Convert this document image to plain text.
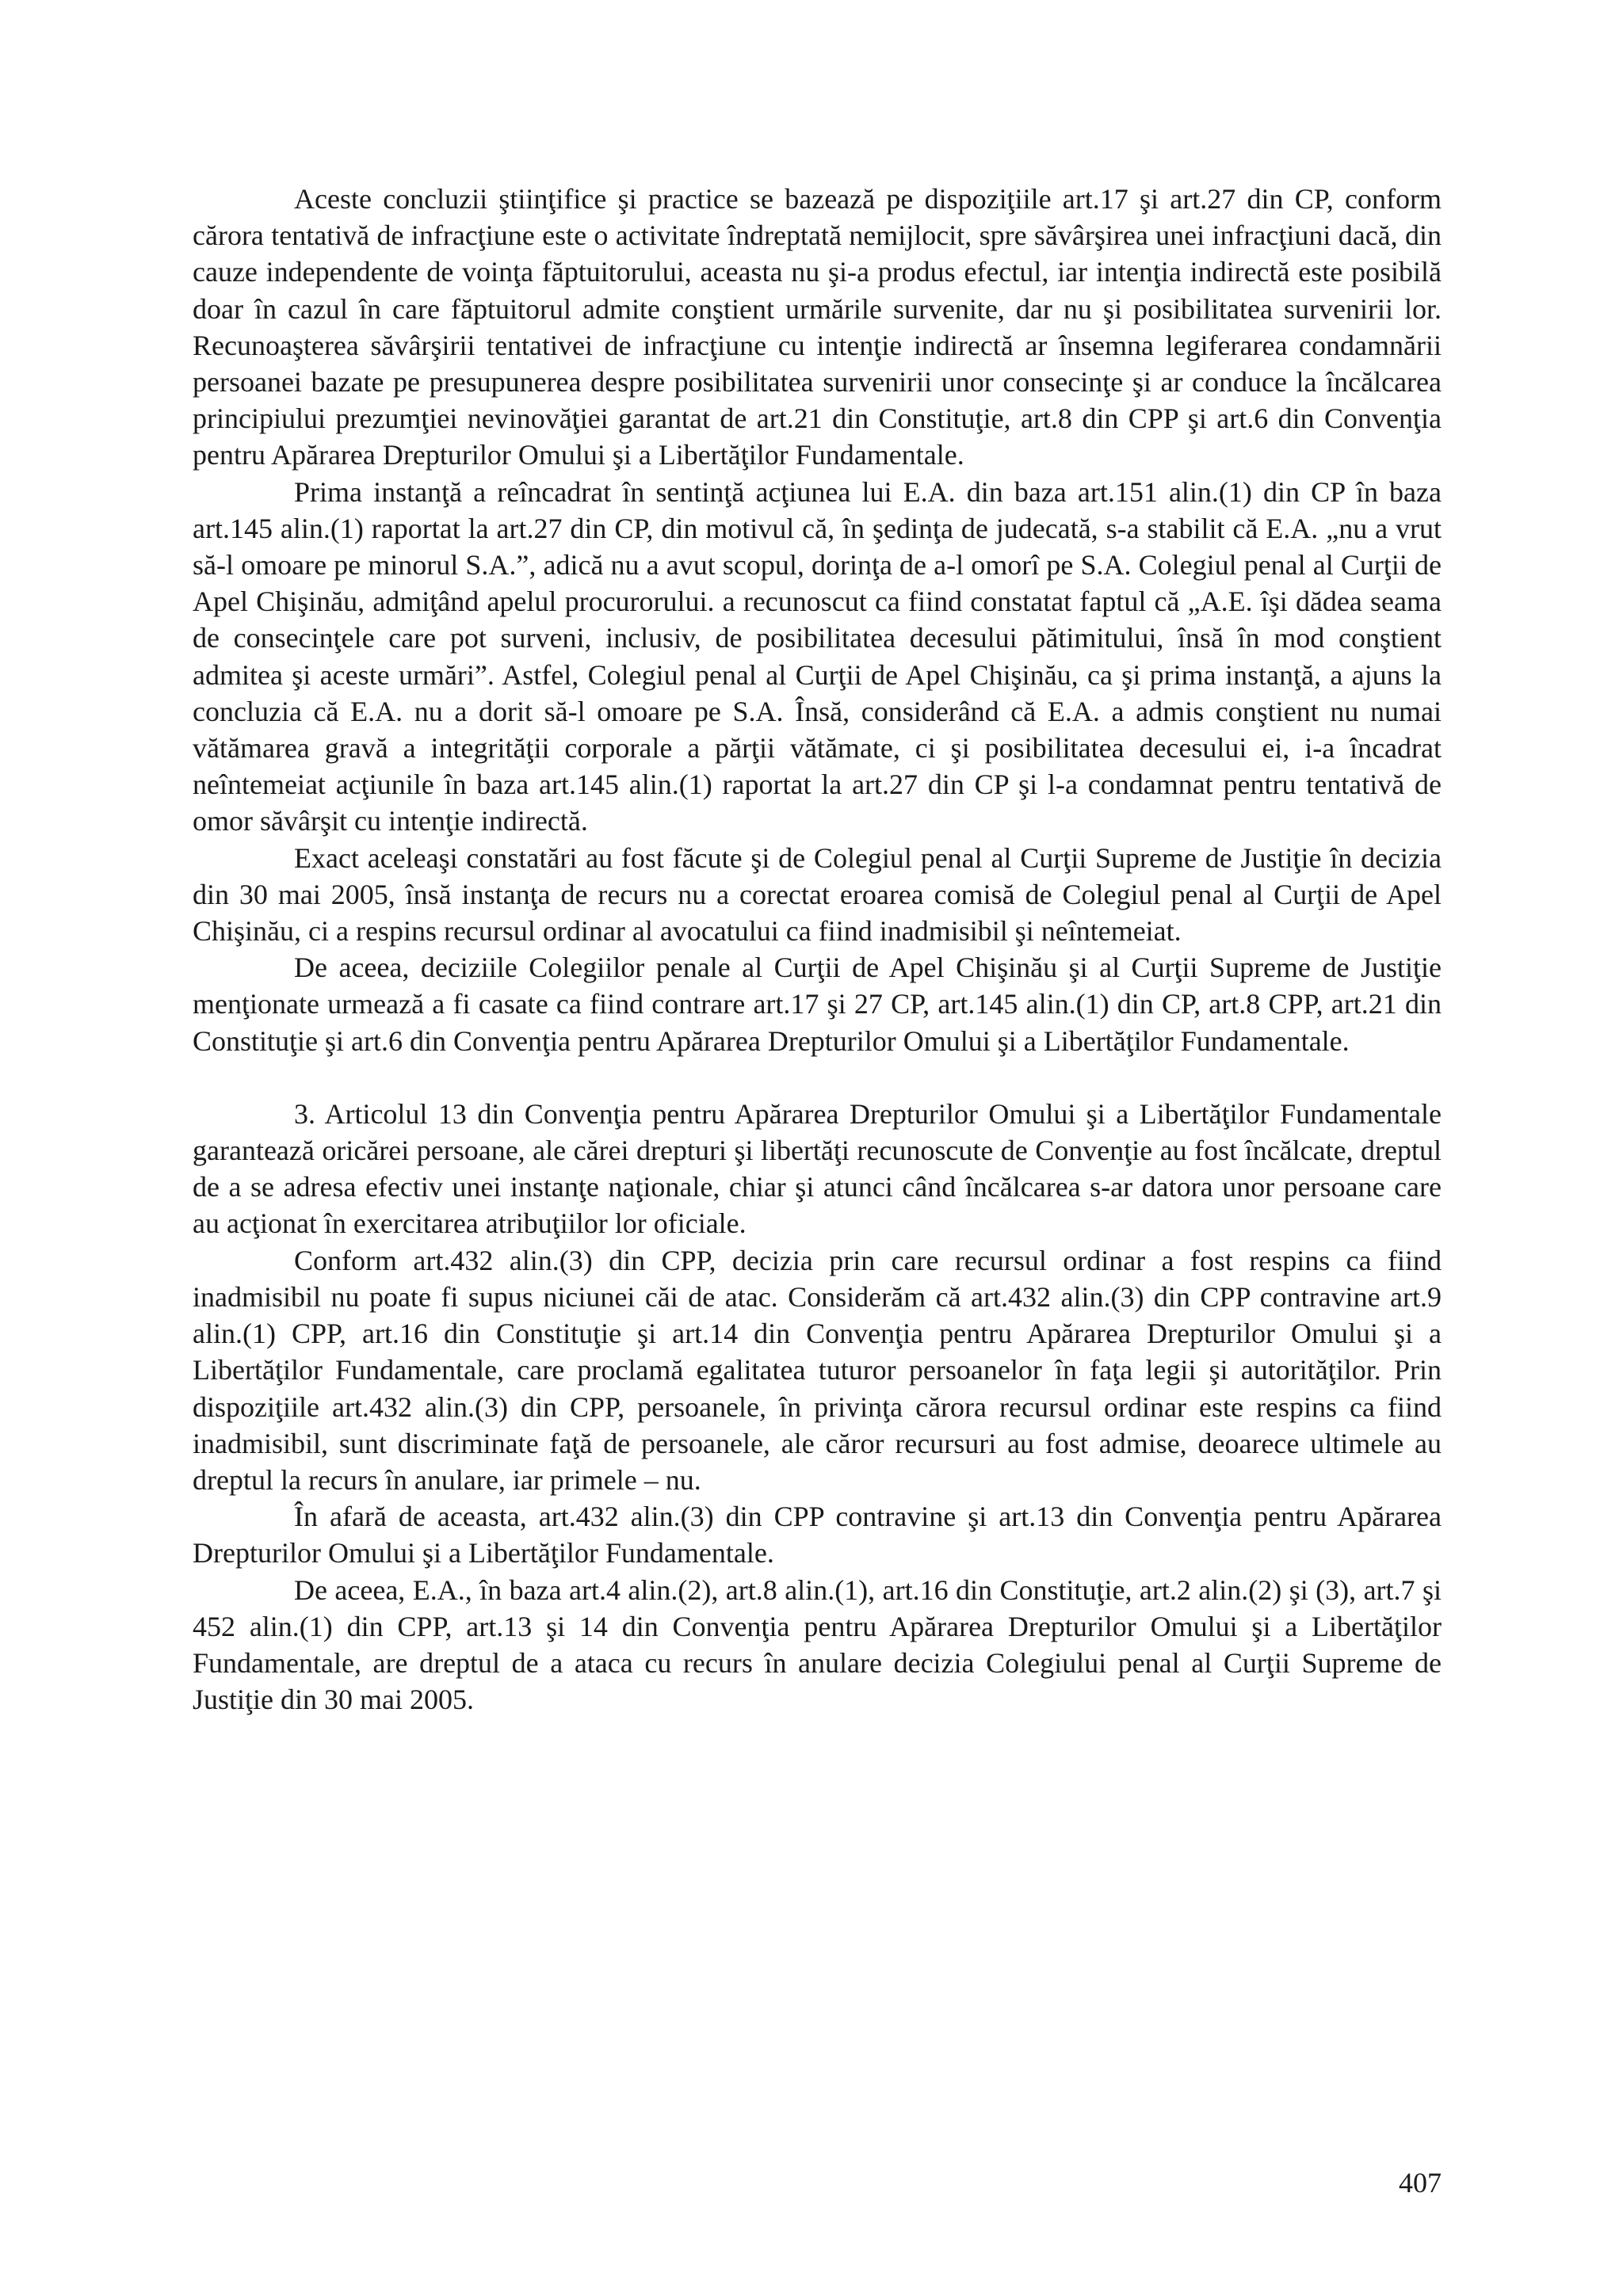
Aceste concluzii ştiinţifice şi practice se bazează pe dispoziţiile art.17 şi art.27 din CP, conform cărora tentativă de infracţiune este o activitate îndreptată nemijlocit, spre săvârşirea unei infracţiuni dacă, din cauze independente de voinţa făptuitorului, aceasta nu şi-a produs efectul, iar intenţia indirectă este posibilă doar în cazul în care făptuitorul admite conştient urmările survenite, dar nu şi posibilitatea survenirii lor. Recunoaşterea săvârşirii tentativei de infracţiune cu intenţie indirectă ar însemna legiferarea condamnării persoanei bazate pe presupunerea despre posibilitatea survenirii unor consecinţe şi ar conduce la încălcarea principiului prezumţiei nevinovăţiei garantat de art.21 din Constituţie, art.8 din CPP şi art.6 din Convenţia pentru Apărarea Drepturilor Omului şi a Libertăţilor Fundamentale.

Prima instanţă a reîncadrat în sentinţă acţiunea lui E.A. din baza art.151 alin.(1) din CP în baza art.145 alin.(1) raportat la art.27 din CP, din motivul că, în şedinţa de judecată, s-a stabilit că E.A. „nu a vrut să-l omoare pe minorul S.A.”, adică nu a avut scopul, dorinţa de a-l omorî pe S.A. Colegiul penal al Curţii de Apel Chişinău, admiţând apelul procurorului. a recunoscut ca fiind constatat faptul că „A.E. îşi dădea seama de consecinţele care pot surveni, inclusiv, de posibilitatea decesului pătimitului, însă în mod conştient admitea şi aceste urmări”. Astfel, Colegiul penal al Curţii de Apel Chişinău, ca şi prima instanţă, a ajuns la concluzia că E.A. nu a dorit să-l omoare pe S.A. Însă, considerând că E.A. a admis conştient nu numai vătămarea gravă a integrităţii corporale a părţii vătămate, ci şi posibilitatea decesului ei, i-a încadrat neîntemeiat acţiunile în baza art.145 alin.(1) raportat la art.27 din CP şi l-a condamnat pentru tentativă de omor săvârşit cu intenţie indirectă.

Exact aceleaşi constatări au fost făcute şi de Colegiul penal al Curţii Supreme de Justiţie în decizia din 30 mai 2005, însă instanţa de recurs nu a corectat eroarea comisă de Colegiul penal al Curţii de Apel Chişinău, ci a respins recursul ordinar al avocatului ca fiind inadmisibil şi neîntemeiat.

De aceea, deciziile Colegiilor penale al Curţii de Apel Chişinău şi al Curţii Supreme de Justiţie menţionate urmează a fi casate ca fiind contrare art.17 şi 27 CP, art.145 alin.(1) din CP, art.8 CPP, art.21 din Constituţie şi art.6 din Convenţia pentru Apărarea Drepturilor Omului şi a Libertăţilor Fundamentale.

3. Articolul 13 din Convenţia pentru Apărarea Drepturilor Omului şi a Libertăţilor Fundamentale garantează oricărei persoane, ale cărei drepturi şi libertăţi recunoscute de Convenţie au fost încălcate, dreptul de a se adresa efectiv unei instanţe naţionale, chiar şi atunci când încălcarea s-ar datora unor persoane care au acţionat în exercitarea atribuţiilor lor oficiale.

Conform art.432 alin.(3) din CPP, decizia prin care recursul ordinar a fost respins ca fiind inadmisibil nu poate fi supus niciunei căi de atac. Considerăm că art.432 alin.(3) din CPP contravine art.9 alin.(1) CPP, art.16 din Constituţie şi art.14 din Convenţia pentru Apărarea Drepturilor Omului şi a Libertăţilor Fundamentale, care proclamă egalitatea tuturor persoanelor în faţa legii şi autorităţilor. Prin dispoziţiile art.432 alin.(3) din CPP, persoanele, în privinţa cărora recursul ordinar este respins ca fiind inadmisibil, sunt discriminate faţă de persoanele, ale căror recursuri au fost admise, deoarece ultimele au dreptul la recurs în anulare, iar primele – nu.

În afară de aceasta, art.432 alin.(3) din CPP contravine şi art.13 din Convenţia pentru Apărarea Drepturilor Omului şi a Libertăţilor Fundamentale.

De aceea, E.A., în baza art.4 alin.(2), art.8 alin.(1), art.16 din Constituţie, art.2 alin.(2) şi (3), art.7 şi 452 alin.(1) din CPP, art.13 şi 14 din Convenţia pentru Apărarea Drepturilor Omului şi a Libertăţilor Fundamentale, are dreptul de a ataca cu recurs în anulare decizia Colegiului penal al Curţii Supreme de Justiţie din 30 mai 2005.

407
